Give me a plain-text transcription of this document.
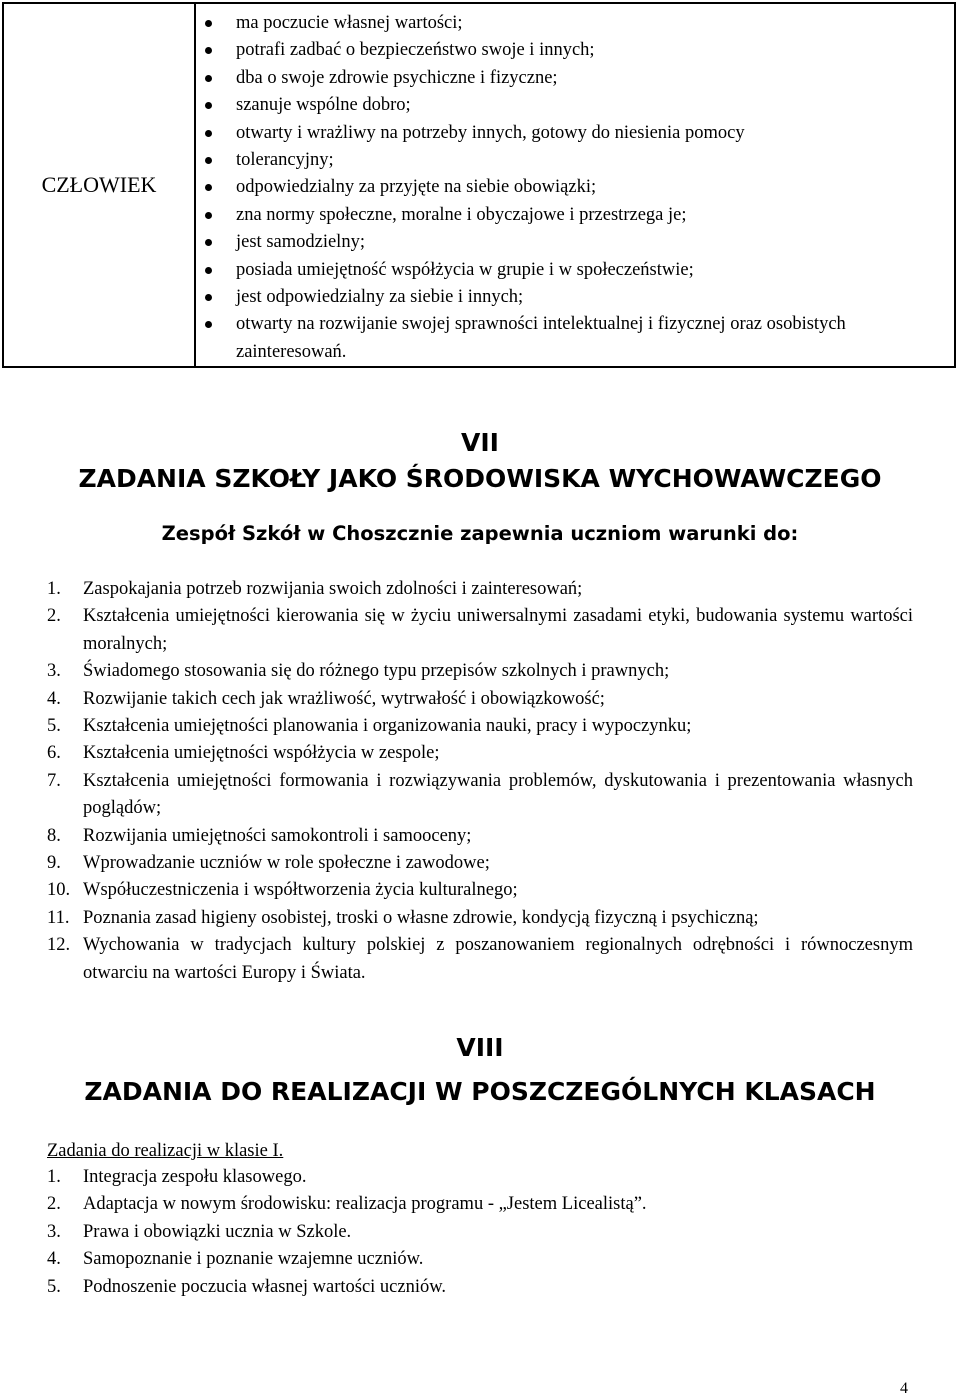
CZŁOWIEK
ma poczucie własnej wartości;
potrafi zadbać o bezpieczeństwo swoje i innych;
dba o swoje zdrowie psychiczne i fizyczne;
szanuje wspólne dobro;
otwarty i wrażliwy na potrzeby innych, gotowy do niesienia pomocy
tolerancyjny;
odpowiedzialny za przyjęte na siebie obowiązki;
zna normy społeczne, moralne i obyczajowe i przestrzega je;
jest samodzielny;
posiada umiejętność współżycia w grupie i w społeczeństwie;
jest odpowiedzialny za siebie i innych;
otwarty na rozwijanie swojej sprawności intelektualnej i fizycznej oraz osobistych zainteresowań.
VII
ZADANIA SZKOŁY JAKO ŚRODOWISKA WYCHOWAWCZEGO
Zespół Szkół w Choszcznie zapewnia uczniom warunki do:
1. Zaspokajania potrzeb rozwijania swoich zdolności i zainteresowań;
2. Kształcenia umiejętności kierowania się w życiu uniwersalnymi zasadami etyki, budowania systemu wartości moralnych;
3. Świadomego stosowania się do różnego typu przepisów szkolnych i prawnych;
4. Rozwijanie takich cech jak wrażliwość, wytrwałość i obowiązkowość;
5. Kształcenia umiejętności planowania i organizowania nauki, pracy i wypoczynku;
6. Kształcenia umiejętności współżycia w zespole;
7. Kształcenia umiejętności formowania i rozwiązywania problemów, dyskutowania i prezentowania własnych poglądów;
8. Rozwijania umiejętności samokontroli i samooceny;
9. Wprowadzanie uczniów w role społeczne i zawodowe;
10. Współuczestniczenia i współtworzenia życia kulturalnego;
11. Poznania zasad higieny osobistej, troski o własne zdrowie, kondycją fizyczną i psychiczną;
12. Wychowania w tradycjach kultury polskiej z poszanowaniem regionalnych odrębności i równoczesnym otwarciu na wartości Europy i Świata.
VIII
ZADANIA DO REALIZACJI W POSZCZEGÓLNYCH KLASACH
Zadania do realizacji w klasie I.
1. Integracja zespołu klasowego.
2. Adaptacja w nowym środowisku: realizacja programu - „Jestem Licealistą”.
3. Prawa i obowiązki ucznia w Szkole.
4. Samopoznanie i poznanie wzajemne uczniów.
5. Podnoszenie poczucia własnej wartości uczniów.
4
